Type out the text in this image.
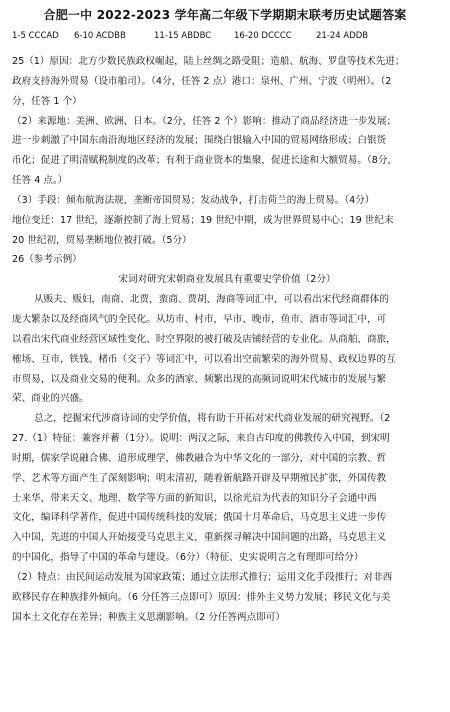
合肥一中 2022-2023 学年高二年级下学期期末联考历史试题答案
1-5 CCCAD	6-10 ACDBB	11-15 ABDBC	16-20 DCCCC	21-24 ADDB
25（1）原因：北方少数民族政权崛起，陆上丝绸之路受阻；造船、航海、罗盘等技术先进；
政府支持海外贸易（设市舶司）。（4分，任答 2 点）港口：泉州、广州、宁波（明州）。（2
分，任答 1 个）
（2）来源地：美洲、欧洲、日本。（2分，任答 2 个）影响：推动了商品经济进一步发展；
进一步刺激了中国东南沿海地区经济的发展；围绕白银输入中国的贸易网络形成；白银货
币化；促进了明清赋税制度的改革；有利于商业资本的集聚，促进长途和大额贸易。（8分，
任答 4 点。）
（3）手段：倾布航海法规，垄断帝国贸易；发动战争，打击荷兰的海上贸易。（4分）
地位变迁：17 世纪，逐渐控制了海上贸易；19 世纪中期，成为世界贸易中心；19 世纪末
20 世纪初，贸易垄断地位被打破。（5分）
26（参考示例）
宋词对研究宋朝商业发展具有重要史学价值（2分）
从贩夫、贩妇，南商、北贾，蛮商、贾胡、海商等词汇中，可以看出宋代经商群体的
庞大繁杂以及经商风气的全民化。从坊市、村市，早市、晚市，鱼市、酒市等词汇中，可
以看出宋代商业经营区域性变化、时空界限的被打破及店铺经营的专业化。从商舶、商旅，
榷场、互市，铁钱、楮币（交子）等词汇中，可以看出空前繁荣的海外贸易、政权边界的互
市贸易，以及商业交易的便利。众多的酒家、频繁出现的高频词说明宋代城市的发展与繁
荣、商业的兴盛。
总之，挖掘宋代涉商诗词的史学价值，将有助于开拓对宋代商业发展的研究视野。（2
27.（1）特征：兼容并蓄（1分）。说明：两汉之际，来自古印度的佛教传入中国，到宋明
时期，儒家学说融合佛、道形成理学，佛教融合为中华文化的一部分，对中国的宗教、哲
学、艺术等方面产生了深刻影响；明末清初，随着新航路开辟及早期殖民扩张，外国传教
士来华，带来天文、地理、数学等方面的新知识，以徐光启为代表的知识分子会通中西
文化，编译科学著作，促进中国传统科技的发展；俄国十月革命后，马克思主义进一步传
入中国，先进的中国人开始接受马克思主义，重新探寻解决中国问题的出路，马克思主义
的中国化，指导了中国的革命与建设。（6分）（特征、史实说明言之有理即可给分）
（2）特点：由民间运动发展为国家政策；通过立法形式推行；运用文化手段推行；对非西
欧移民存在种族排外倾向。（6 分任答三点即可）原因：排外主义势力发展；移民文化与美
国本土文化存在差异；种族主义思潮影响。（2 分任答两点即可）
